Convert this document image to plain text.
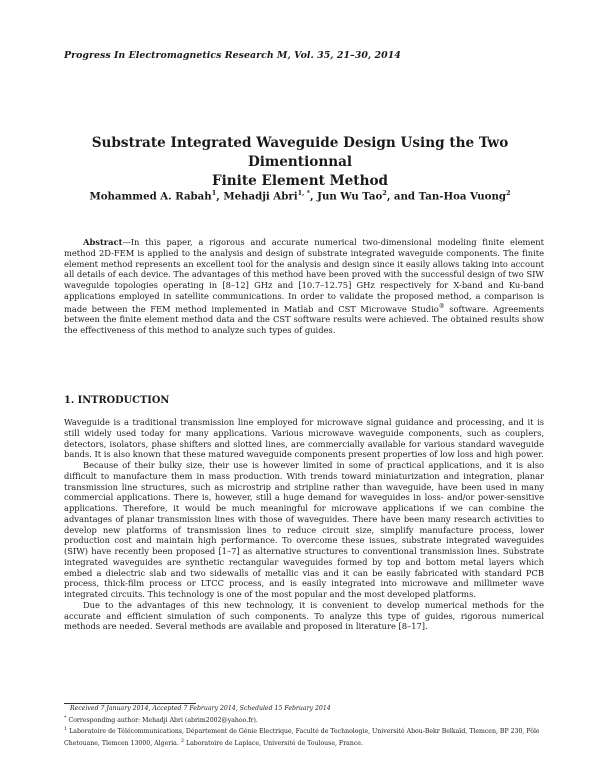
Progress In Electromagnetics Research M, Vol. 35, 21–30, 2014
Substrate Integrated Waveguide Design Using the Two Dimentionnal
Finite Element Method
Mohammed A. Rabah$^1$, Mehadji Abri$^{1, *}$, Jun Wu Tao$^2$, and Tan-Hoa Vuong$^2$

Abstract—In this paper, a rigorous and accurate numerical two-dimensional modeling finite element method 2D-FEM is applied to the analysis and design of substrate integrated waveguide components. The finite element method represents an excellent tool for the analysis and design since it easily allows taking into account all details of each device. The advantages of this method have been proved with the successful design of two SIW waveguide topologies operating in [8–12] GHz and [10.7–12.75] GHz respectively for X-band and Ku-band applications employed in satellite communications. In order to validate the proposed method, a comparison is made between the FEM method implemented in Matlab and CST Microwave Studio® software. Agreements between the finite element method data and the CST software results were achieved. The obtained results show the effectiveness of this method to analyze such types of guides.

1. INTRODUCTION

Waveguide is a traditional transmission line employed for microwave signal guidance and processing, and it is still widely used today for many applications. Various microwave waveguide components, such as couplers, detectors, isolators, phase shifters and slotted lines, are commercially available for various standard waveguide bands. It is also known that these matured waveguide components present properties of low loss and high power.

Because of their bulky size, their use is however limited in some of practical applications, and it is also difficult to manufacture them in mass production. With trends toward miniaturization and integration, planar transmission line structures, such as microstrip and stripline rather than waveguide, have been used in many commercial applications. There is, however, still a huge demand for waveguides in loss- and/or power-sensitive applications. Therefore, it would be much meaningful for microwave applications if we can combine the advantages of planar transmission lines with those of waveguides. There have been many research activities to develop new platforms of transmission lines to reduce circuit size, simplify manufacture process, lower production cost and maintain high performance. To overcome these issues, substrate integrated waveguides (SIW) have recently been proposed [1–7] as alternative structures to conventional transmission lines. Substrate integrated waveguides are synthetic rectangular waveguides formed by top and bottom metal layers which embed a dielectric slab and two sidewalls of metallic vias and it can be easily fabricated with standard PCB process, thick-film process or LTCC process, and is easily integrated into microwave and millimeter wave integrated circuits. This technology is one of the most popular and the most developed platforms.

Due to the advantages of this new technology, it is convenient to develop numerical methods for the accurate and efficient simulation of such components. To analyze this type of guides, rigorous numerical methods are needed. Several methods are available and proposed in literature [8–17].

Received 7 January 2014, Accepted 7 February 2014, Scheduled 15 February 2014

* Corresponding author: Mehadji Abri (abrim2002@yahoo.fr).

$^1$ Laboratoire de Télécommunications, Département de Génie Electrique, Faculté de Technologie, Université Abou-Bekr Belkaïd, Tlemcen, BP 230, Pôle Chetouane, Tlemcen 13000, Algeria. $^2$ Laboratoire de Laplace, Université de Toulouse, France.
